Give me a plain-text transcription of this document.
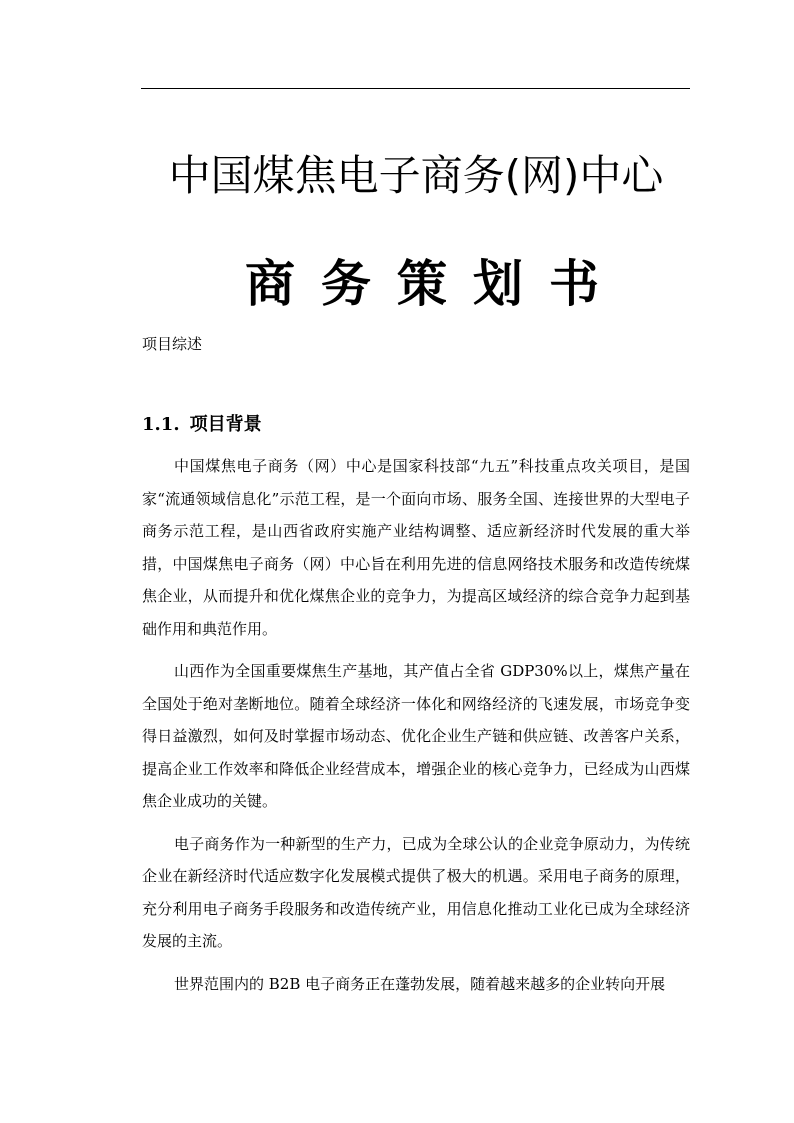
中国煤焦电子商务(网)中心
商务策划书
项目综述
1.1. 项目背景

中国煤焦电子商务（网）中心是国家科技部“九五”科技重点攻关项目，是国家“流通领域信息化”示范工程，是一个面向市场、服务全国、连接世界的大型电子商务示范工程，是山西省政府实施产业结构调整、适应新经济时代发展的重大举措，中国煤焦电子商务（网）中心旨在利用先进的信息网络技术服务和改造传统煤焦企业，从而提升和优化煤焦企业的竞争力，为提高区域经济的综合竞争力起到基础作用和典范作用。

山西作为全国重要煤焦生产基地，其产值占全省 GDP30%以上，煤焦产量在全国处于绝对垄断地位。随着全球经济一体化和网络经济的飞速发展，市场竞争变得日益激烈，如何及时掌握市场动态、优化企业生产链和供应链、改善客户关系，提高企业工作效率和降低企业经营成本，增强企业的核心竞争力，已经成为山西煤焦企业成功的关键。

电子商务作为一种新型的生产力，已成为全球公认的企业竞争原动力，为传统企业在新经济时代适应数字化发展模式提供了极大的机遇。采用电子商务的原理，充分利用电子商务手段服务和改造传统产业，用信息化推动工业化已成为全球经济发展的主流。

世界范围内的 B2B 电子商务正在蓬勃发展，随着越来越多的企业转向开展
